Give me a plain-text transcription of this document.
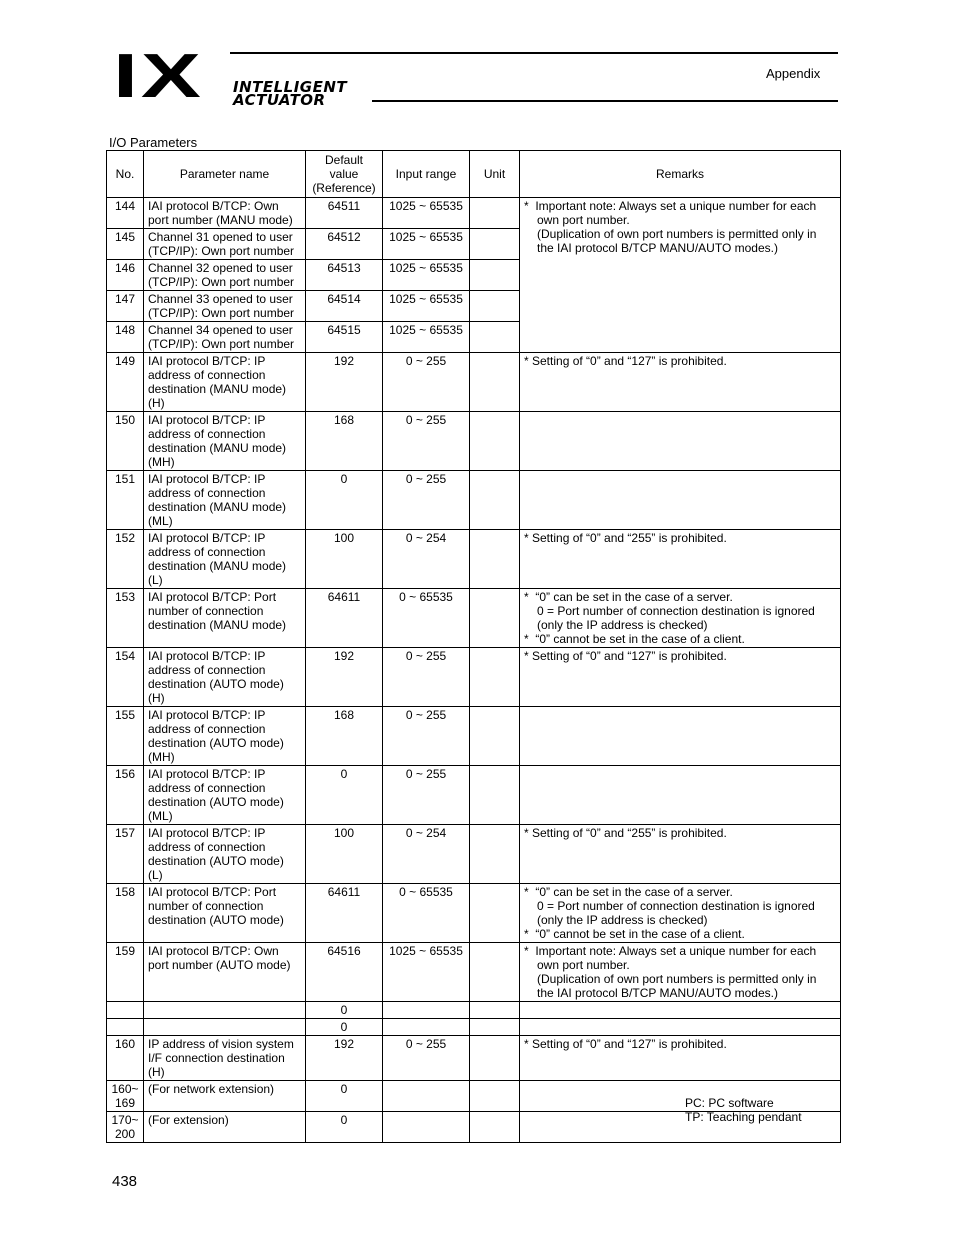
IX INTELLIGENT
ACTUATOR
Appendix
I/O Parameters
No.	Parameter name	Default
value
(Reference)	Input range	Unit	Remarks
144	IAI protocol B/TCP: Own port number (MANU mode)	64511	1025 ~ 65535		*  Important note: Always set a unique number for each
own port number.
(Duplication of own port numbers is permitted only in
the IAI protocol B/TCP MANU/AUTO modes.)

145	Channel 31 opened to user (TCP/IP): Own port number	64512	1025 ~ 65535		
146	Channel 32 opened to user (TCP/IP): Own port number	64513	1025 ~ 65535		
147	Channel 33 opened to user (TCP/IP): Own port number	64514	1025 ~ 65535		
148	Channel 34 opened to user (TCP/IP): Own port number	64515	1025 ~ 65535		
149	IAI protocol B/TCP: IP address of connection destination (MANU mode) (H)	192	0 ~ 255		* Setting of “0” and “127” is prohibited.

150	IAI protocol B/TCP: IP address of connection destination (MANU mode) (MH)	168	0 ~ 255		
151	IAI protocol B/TCP: IP address of connection destination (MANU mode) (ML)	0	0 ~ 255		
152	IAI protocol B/TCP: IP address of connection destination (MANU mode) (L)	100	0 ~ 254		* Setting of “0” and “255” is prohibited.

153	IAI protocol B/TCP: Port number of connection destination (MANU mode)	64611	0 ~ 65535		*  “0” can be set in the case of a server.
0 = Port number of connection destination is ignored
(only the IP address is checked)
*  “0” cannot be set in the case of a client.

154	IAI protocol B/TCP: IP address of connection destination (AUTO mode) (H)	192	0 ~ 255		* Setting of “0” and “127” is prohibited.

155	IAI protocol B/TCP: IP address of connection destination (AUTO mode) (MH)	168	0 ~ 255		
156	IAI protocol B/TCP: IP address of connection destination (AUTO mode) (ML)	0	0 ~ 255		
157	IAI protocol B/TCP: IP address of connection destination (AUTO mode) (L)	100	0 ~ 254		* Setting of “0” and “255” is prohibited.

158	IAI protocol B/TCP: Port number of connection destination (AUTO mode)	64611	0 ~ 65535		*  “0” can be set in the case of a server.
0 = Port number of connection destination is ignored
(only the IP address is checked)
*  “0” cannot be set in the case of a client.

159	IAI protocol B/TCP: Own port number (AUTO mode)	64516	1025 ~ 65535		*  Important note: Always set a unique number for each
own port number.
(Duplication of own port numbers is permitted only in
the IAI protocol B/TCP MANU/AUTO modes.)

		0			
		0			
160	IP address of vision system I/F connection destination (H)	192	0 ~ 255		* Setting of “0” and “127” is prohibited.

160~
169	(For network extension)	0			
170~
200	(For extension)	0			
PC: PC software
TP: Teaching pendant
438
